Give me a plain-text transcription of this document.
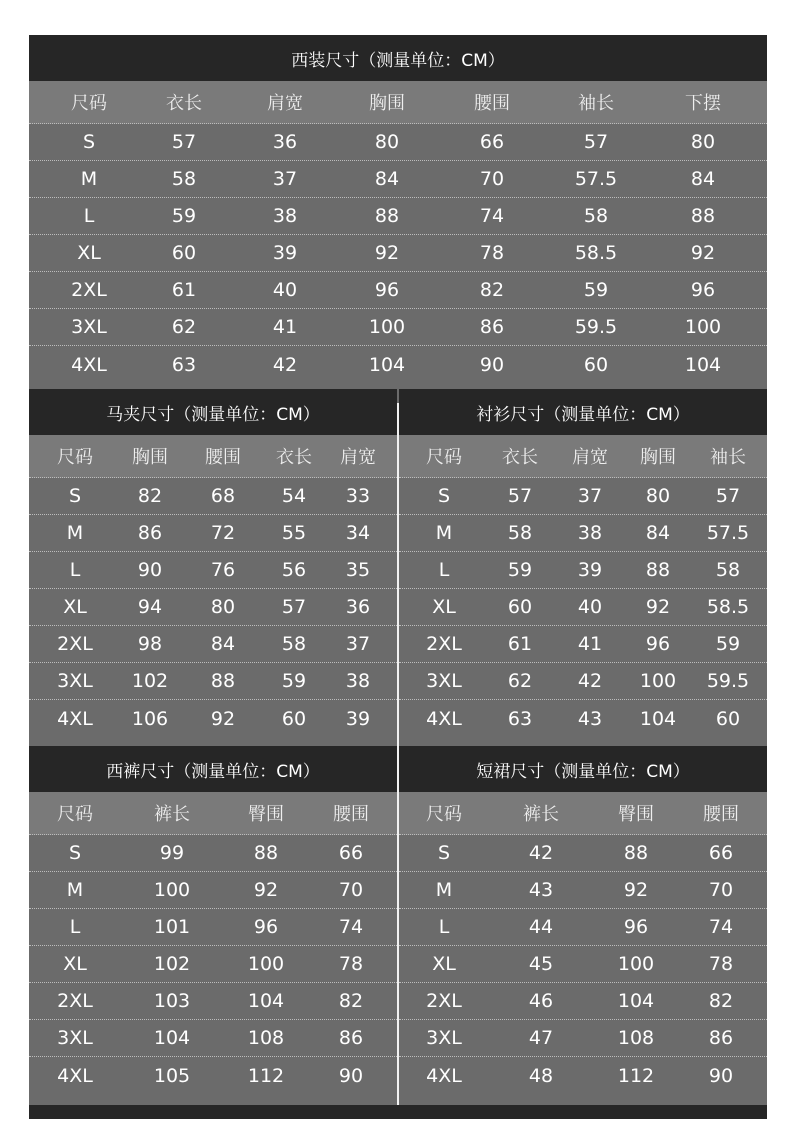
西装尺寸（测量单位：CM）
尺码	衣长	肩宽	胸围	腰围	袖长	下摆
S	57	36	80	66	57	80
M	58	37	84	70	57.5	84
L	59	38	88	74	58	88
XL	60	39	92	78	58.5	92
2XL	61	40	96	82	59	96
3XL	62	41	100	86	59.5	100
4XL	63	42	104	90	60	104
马夹尺寸（测量单位：CM）
尺码	胸围	腰围	衣长	肩宽
S	82	68	54	33
M	86	72	55	34
L	90	76	56	35
XL	94	80	57	36
2XL	98	84	58	37
3XL	102	88	59	38
4XL	106	92	60	39
衬衫尺寸（测量单位：CM）
尺码	衣长	肩宽	胸围	袖长
S	57	37	80	57
M	58	38	84	57.5
L	59	39	88	58
XL	60	40	92	58.5
2XL	61	41	96	59
3XL	62	42	100	59.5
4XL	63	43	104	60
西裤尺寸（测量单位：CM）
尺码	裤长	臀围	腰围
S	99	88	66
M	100	92	70
L	101	96	74
XL	102	100	78
2XL	103	104	82
3XL	104	108	86
4XL	105	112	90
短裙尺寸（测量单位：CM）
尺码	裤长	臀围	腰围
S	42	88	66
M	43	92	70
L	44	96	74
XL	45	100	78
2XL	46	104	82
3XL	47	108	86
4XL	48	112	90
